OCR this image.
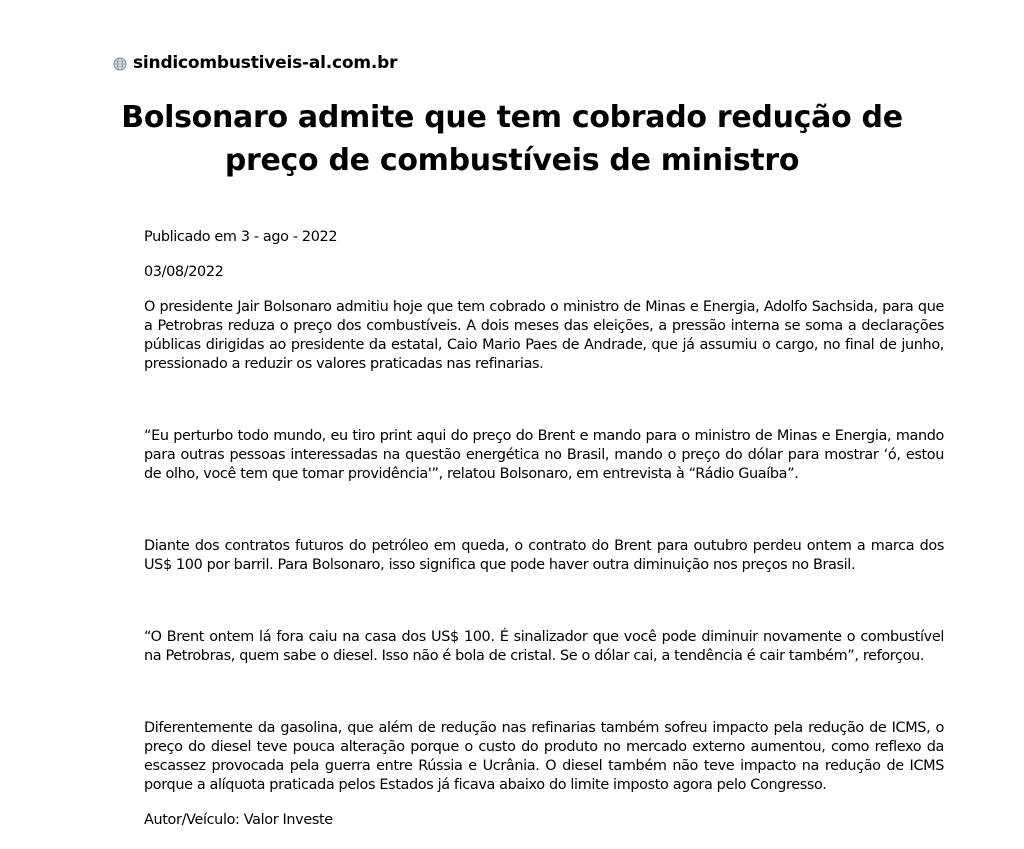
sindicombustiveis-al.com.br
Bolsonaro admite que tem cobrado redução de preço de combustíveis de ministro

Publicado em 3 - ago - 2022

03/08/2022

O presidente Jair Bolsonaro admitiu hoje que tem cobrado o ministro de Minas e Energia, Adolfo Sachsida, para que a Petrobras reduza o preço dos combustíveis. A dois meses das eleições, a pressão interna se soma a declarações públicas dirigidas ao presidente da estatal, Caio Mario Paes de Andrade, que já assumiu o cargo, no final de junho, pressionado a reduzir os valores praticadas nas refinarias.

“Eu perturbo todo mundo, eu tiro print aqui do preço do Brent e mando para o ministro de Minas e Energia, mando para outras pessoas interessadas na questão energética no Brasil, mando o preço do dólar para mostrar ‘ó, estou de olho, você tem que tomar providência'”, relatou Bolsonaro, em entrevista à “Rádio Guaíba”.

Diante dos contratos futuros do petróleo em queda, o contrato do Brent para outubro perdeu ontem a marca dos US$ 100 por barril. Para Bolsonaro, isso significa que pode haver outra diminuição nos preços no Brasil.

“O Brent ontem lá fora caiu na casa dos US$ 100. É sinalizador que você pode diminuir novamente o combustível na Petrobras, quem sabe o diesel. Isso não é bola de cristal. Se o dólar cai, a tendência é cair também”, reforçou.

Diferentemente da gasolina, que além de redução nas refinarias também sofreu impacto pela redução de ICMS, o preço do diesel teve pouca alteração porque o custo do produto no mercado externo aumentou, como reflexo da escassez provocada pela guerra entre Rússia e Ucrânia. O diesel também não teve impacto na redução de ICMS porque a alíquota praticada pelos Estados já ficava abaixo do limite imposto agora pelo Congresso.

Autor/Veículo: Valor Investe
